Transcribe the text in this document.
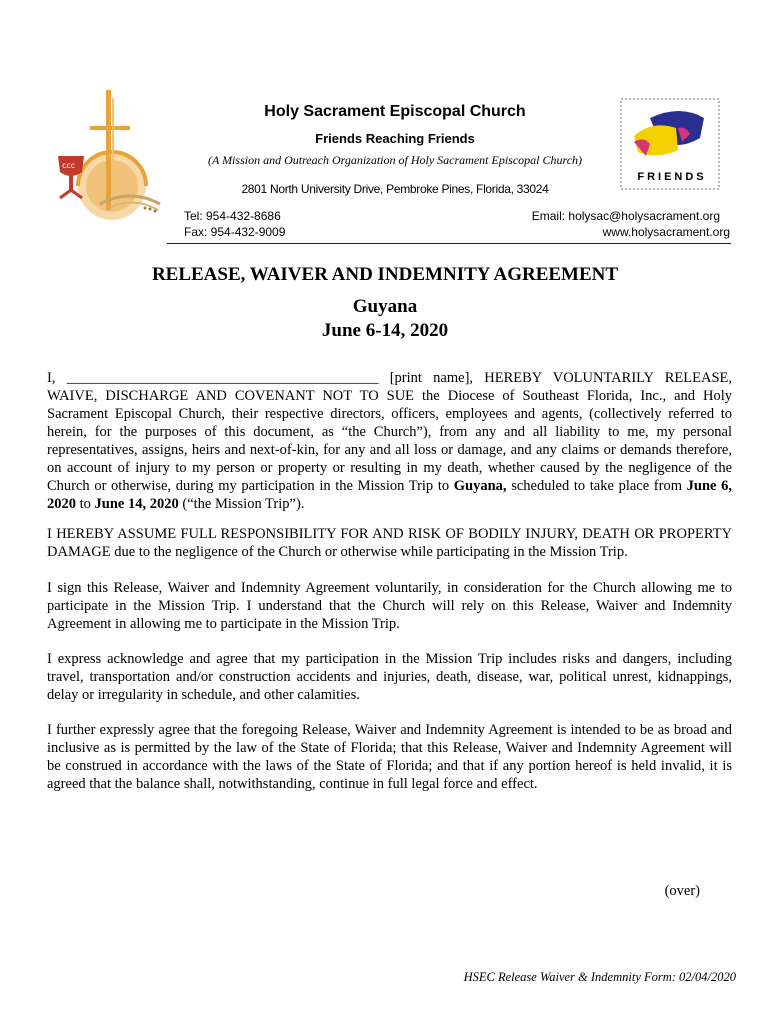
ccc
FRIENDS
Holy Sacrament Episcopal Church
Friends Reaching Friends
(A Mission and Outreach Organization of Holy Sacrament Episcopal Church)
2801 North University Drive, Pembroke Pines, Florida, 33024
Tel: 954-432-8686
Fax: 954-432-9009
Email: holysac@holysacrament.org
www.holysacrament.org
RELEASE, WAIVER AND INDEMNITY AGREEMENT
Guyana
June 6-14, 2020

I, ___________________________________________ [print name], HEREBY VOLUNTARILY RELEASE, WAIVE, DISCHARGE AND COVENANT NOT TO SUE the Diocese of Southeast Florida, Inc., and Holy Sacrament Episcopal Church, their respective directors, officers, employees and agents, (collectively referred to herein, for the purposes of this document, as “the Church”), from any and all liability to me, my personal representatives, assigns, heirs and next-of-kin, for any and all loss or damage, and any claims or demands therefore, on account of injury to my person or property or resulting in my death, whether caused by the negligence of the Church or otherwise, during my participation in the Mission Trip to Guyana, scheduled to take place from June 6, 2020 to June 14, 2020 (“the Mission Trip”).

I HEREBY ASSUME FULL RESPONSIBILITY FOR AND RISK OF BODILY INJURY, DEATH OR PROPERTY DAMAGE due to the negligence of the Church or otherwise while participating in the Mission Trip.

I sign this Release, Waiver and Indemnity Agreement voluntarily, in consideration for the Church allowing me to participate in the Mission Trip. I understand that the Church will rely on this Release, Waiver and Indemnity Agreement in allowing me to participate in the Mission Trip.

I express acknowledge and agree that my participation in the Mission Trip includes risks and dangers, including travel, transportation and/or construction accidents and injuries, death, disease, war, political unrest, kidnappings, delay or irregularity in schedule, and other calamities.

I further expressly agree that the foregoing Release, Waiver and Indemnity Agreement is intended to be as broad and inclusive as is permitted by the law of the State of Florida; that this Release, Waiver and Indemnity Agreement will be construed in accordance with the laws of the State of Florida; and that if any portion hereof is held invalid, it is agreed that the balance shall, notwithstanding, continue in full legal force and effect.

(over)
HSEC Release Waiver & Indemnity Form: 02/04/2020
